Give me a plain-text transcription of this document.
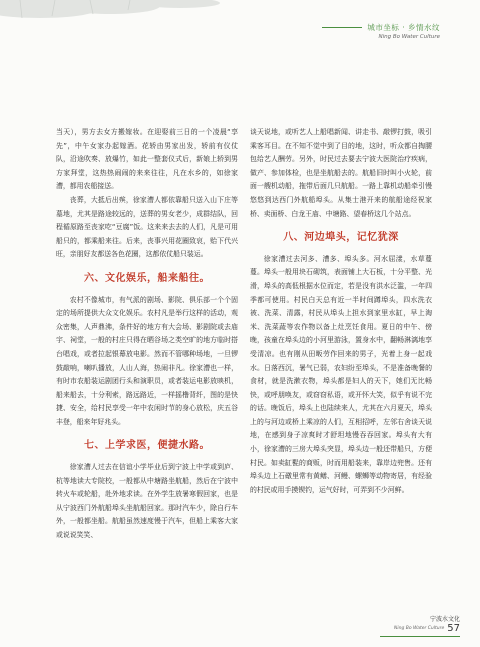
城市坐标 · 乡情水纹
Ning Bo Water Culture

当天），男方去女方搬嫁妆。在迎娶前三日的一个凌晨“享先”，中午女家办起嫁酒。花轿由男家出发，轿前有仪仗队，沿途吹奏、放爆竹，如此一整套仪式后，新娘上轿到男方家拜堂，这热热闹闹的来来往往，凡在水乡的，如徐家漕，都用农船接送。

丧葬，大抵后出殡，徐家漕人都依靠船只送入山下庄等墓地，尤其是路途较远的，送葬的男女老少，成群结队，回程循原路至丧家吃“豆腐”饭。这来来去去的人们，凡是可用船只的，都乘船来往。后来，丧事兴用花圈致哀，贻下代兴旺，亲朋好友都送各色花圈，这都依仗船只装运。

六、文化娱乐，船来船往。

农村不像城市，有气派的剧场、影院、俱乐部一个个固定的场所提供大众文化娱乐。农村凡是举行这样的活动，观众密集，人声鼎沸，条件好的地方有大会场、影剧院或去庙宇、祠堂，一般的村庄只得在晒谷场之类空旷的地方临时搭台唱戏，或者拉起银幕放电影。然而不管哪种场地，一旦锣鼓敲响，喇叭播放，人山人海，热闹非凡。徐家漕也一样，有时市农船装运剧团行头和演职员，或者装运电影放映机，船来船去，十分利索，路远路近，一样摇橹背纤，图的是快捷、安全，给村民享受一年中农闲时节的身心放松，庆五谷丰登，船来年好兆头。

七、上学求医，便捷水路。

徐家漕人过去在信谊小学毕业后到宁波上中学或到庐、杭等地读大专院校，一般都从中塘路坐航船，然后在宁波中转火车或轮船，赴外地求读。在外学生放暑寒假回家，也是从宁波西门外航船埠头坐航船回家。那时汽车少，除自行车外，一般都坐船。航船虽然速度慢于汽车，但船上乘客大家或说说笑笑、

谈天说地，或听艺人上船唱新闻、讲走书、敲锣打鼓，吸引乘客耳目。在不知不觉中到了目的地，这时，听众都自掏腰包给艺人酬劳。另外，时民过去要去宁波大医院治疗疾病，做产、参加体检，也是坐航船去的。航船旧时叫小火轮，前面一艘机动船，拖带后面几只航船。一路上靠机动船牵引慢悠悠到达西门外航船埠头。从集士港开来的航船途经祝家桥、卖面桥、白龙王庙、中塘路、望春桥这几个站点。

八、河边埠头，记忆犹深

徐家漕过去河多、漕多、埠头多。河水屈漾，水草蔓蔓。埠头一般用块石砌筑，表面铺上大石板，十分平整、光滑，埠头的高低根据水位而定，若是没有洪水泛滥，一年四季都可使用。村民白天总有近一半时间蹲埠头，四水洗衣被、洗菜、清露，村民从埠头上担水到家里水缸，早上淘米、洗菜蔬等农作物以备上灶烹饪食用。夏日的中午、傍晚，孩童在埠头边的小河里游泳，置身水中，翻畅淋漓地享受清凉。也有刚从田畈劳作回来的男子，光着上身一起戏水。日落西沉，暑气已弱，农妇纷至埠头，不是准备晚餐的食材，就是洗漱衣物，埠头都是妇人的天下，她们无比畅快，或呼朋唤友，或窃窃私语，或开怀大笑，似乎有说不完的话。晚饭后，埠头上也陆续来人，尤其在六月夏天，埠头上的与河边或桥上乘凉的人们，互相招呼，左邻右舍谈天说地，在感到身子凉爽时才舒坦地慢吞吞回家。埠头有大有小，徐家漕的三房大埠头突显，埠头边一般还带船只，方便村民。如卖缸甏的商贩，时而用船装来，靠岸边兜售。还有埠头边上石礅里常有黄鳝、河鳗、螺蛳等动物寄居，有经验的村民或用手摸锲钓，运气好时，可弄到不少河鲜。

宁波水文化
Ning Bo Water Culture 57
